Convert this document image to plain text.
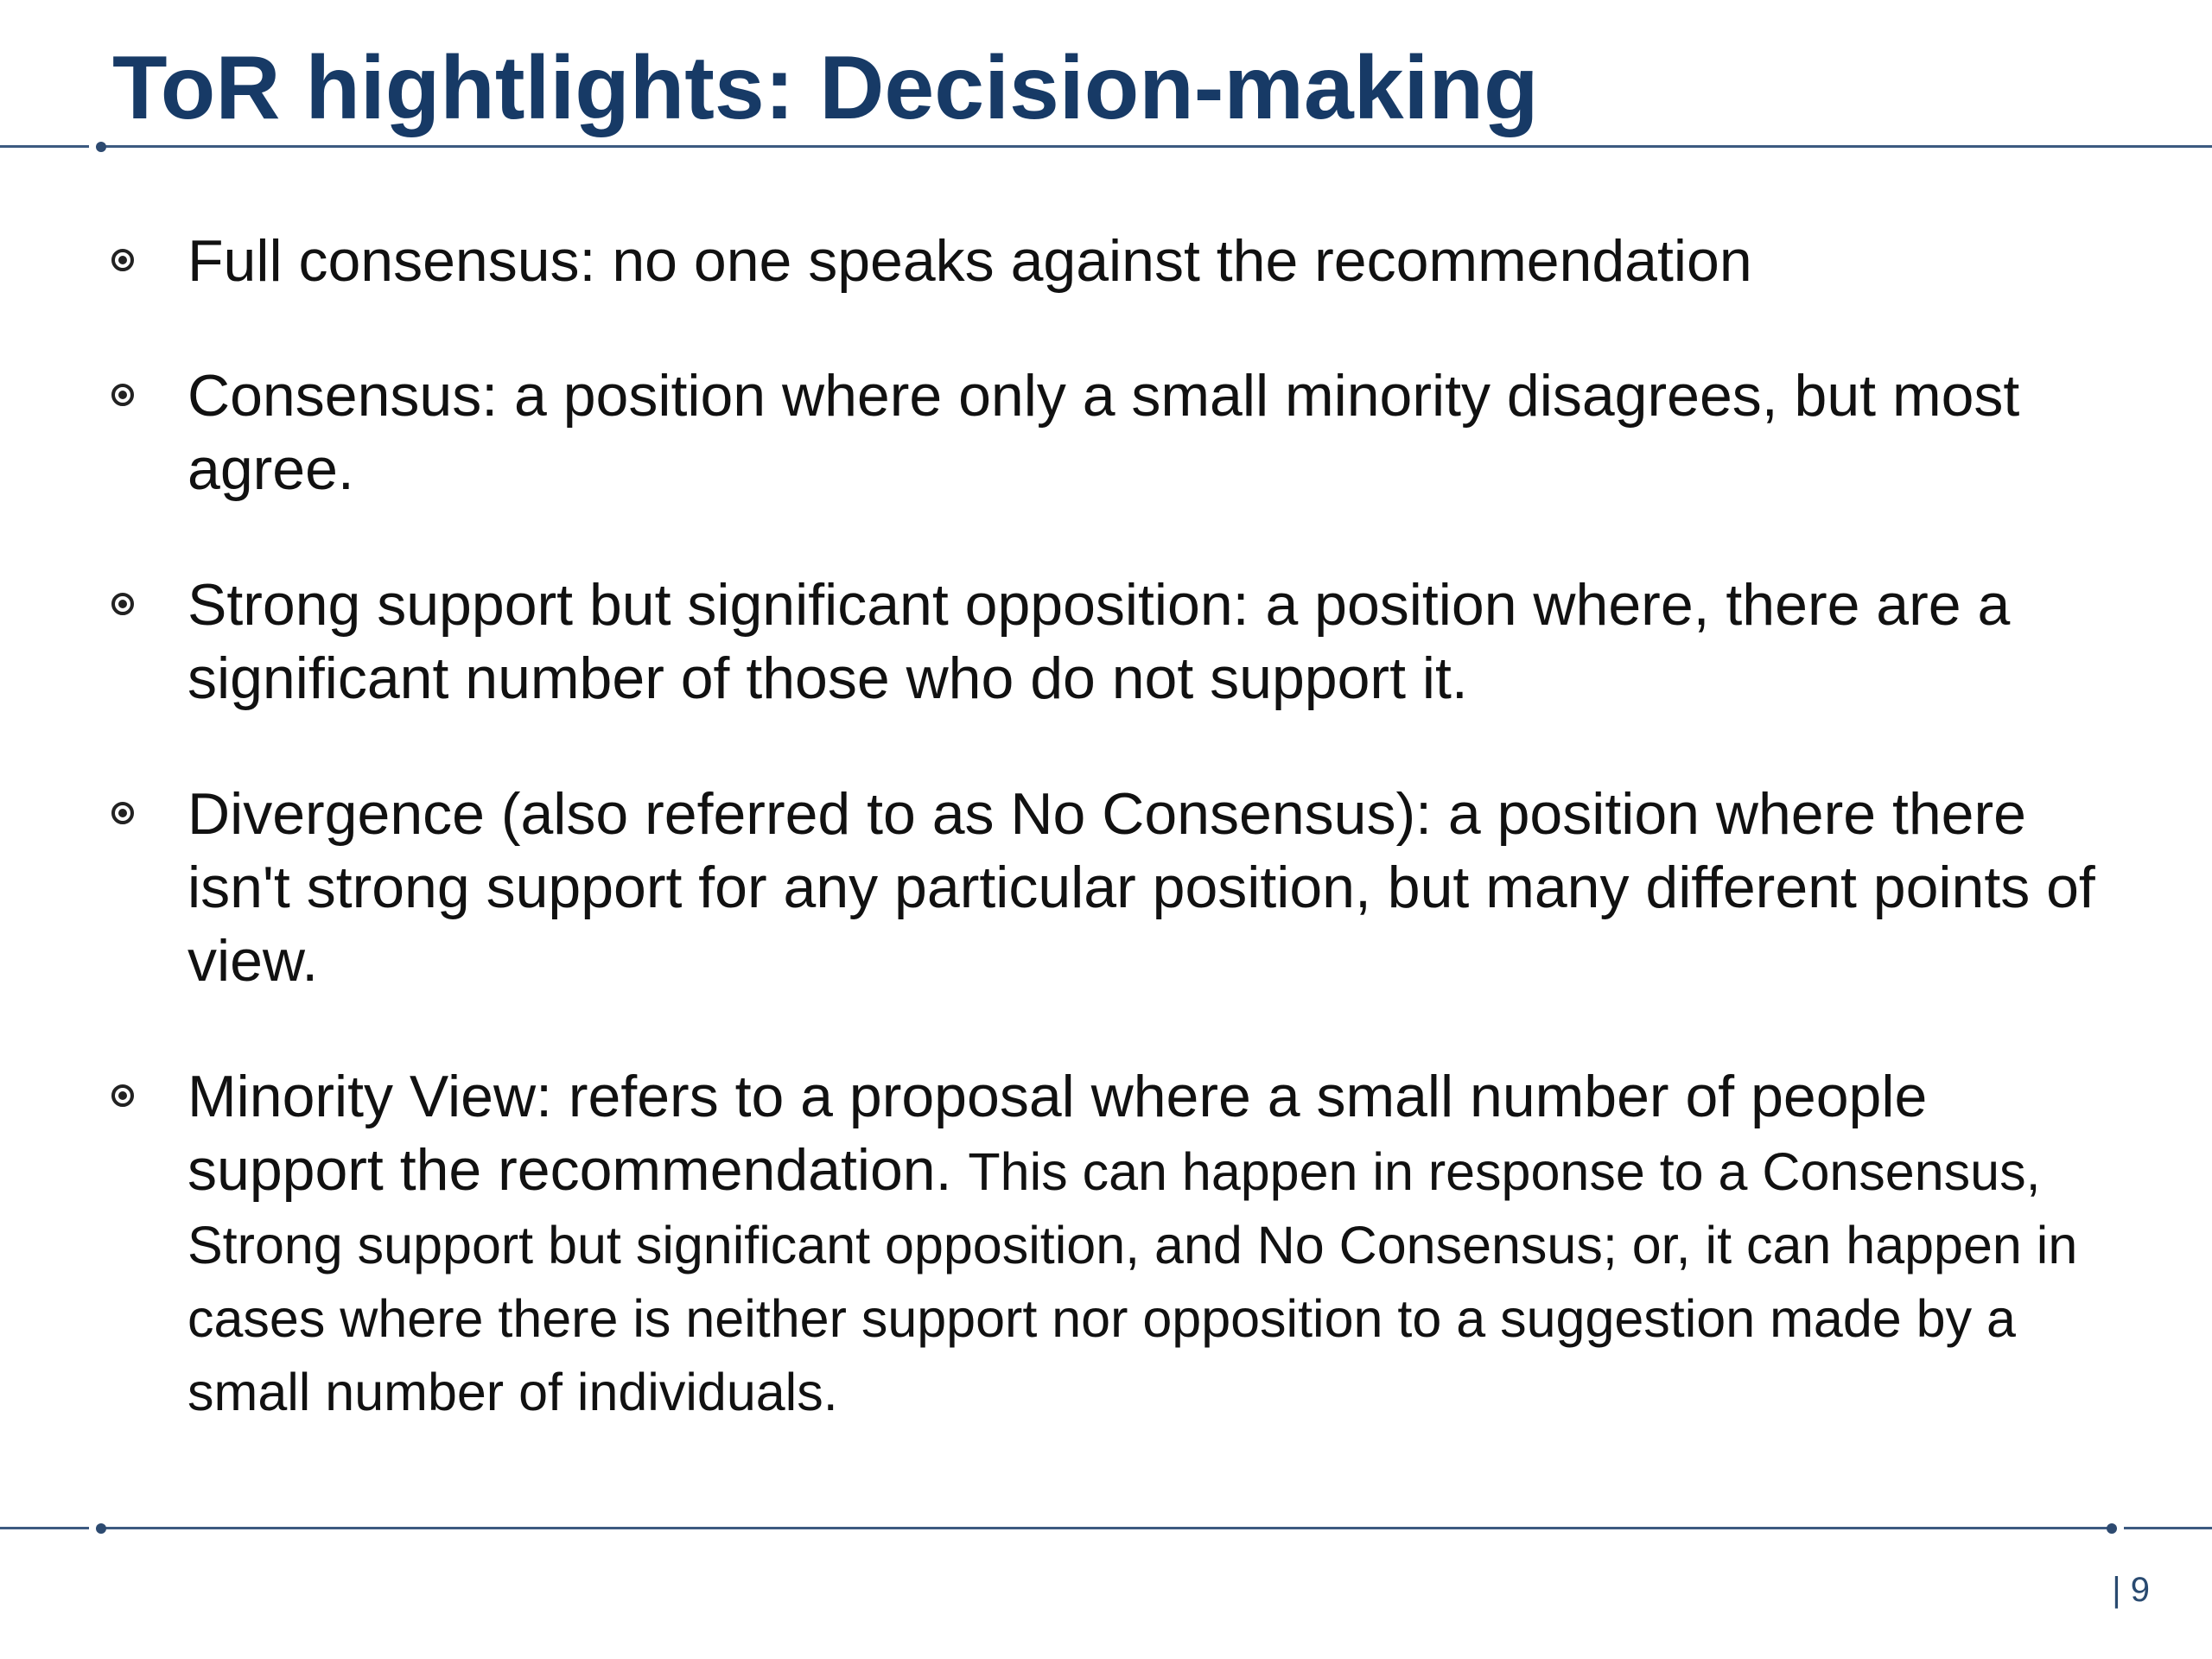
ToR hightlights: Decision-making
Full consensus: no one speaks against the recommendation
Consensus: a position where only a small minority disagrees, but most agree.
Strong support but significant opposition: a position where, there are a significant number of those who do not support it.
Divergence (also referred to as No Consensus): a position where there isn't strong support for any particular position, but many different points of view.
Minority View: refers to a proposal where a small number of people support the recommendation. This can happen in response to a Consensus, Strong support but significant opposition, and No Consensus; or, it can happen in cases where there is neither support nor opposition to a suggestion made by a small number of individuals.
| 9
